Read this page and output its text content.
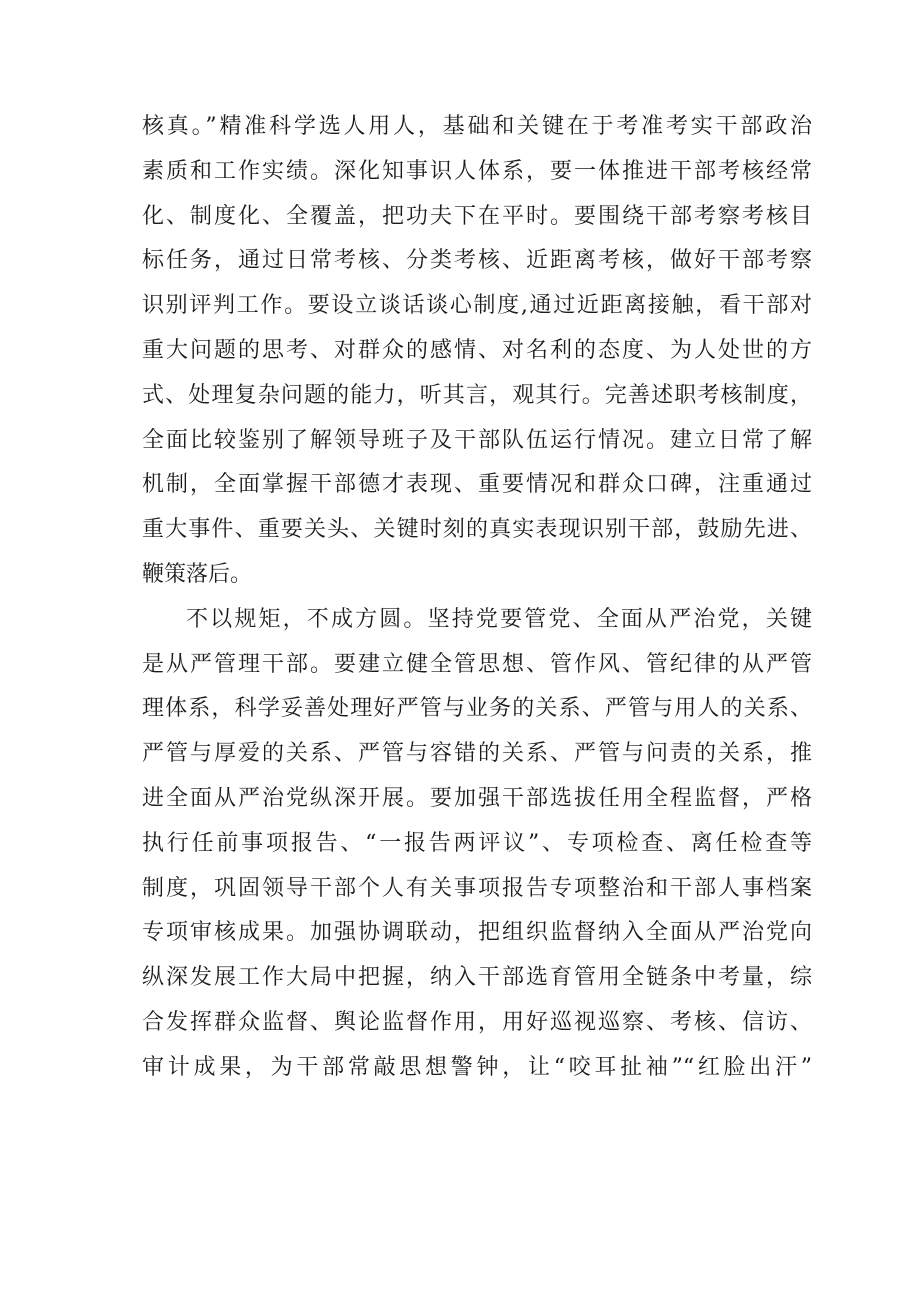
核真。”精准科学选人用人，基础和关键在于考准考实干部政治
素质和工作实绩。深化知事识人体系，要一体推进干部考核经常
化、制度化、全覆盖，把功夫下在平时。要围绕干部考察考核目
标任务，通过日常考核、分类考核、近距离考核，做好干部考察
识别评判工作。要设立谈话谈心制度,通过近距离接触，看干部对
重大问题的思考、对群众的感情、对名利的态度、为人处世的方
式、处理复杂问题的能力，听其言，观其行。完善述职考核制度，
全面比较鉴别了解领导班子及干部队伍运行情况。建立日常了解
机制，全面掌握干部德才表现、重要情况和群众口碑，注重通过
重大事件、重要关头、关键时刻的真实表现识别干部，鼓励先进、
鞭策落后。
不以规矩，不成方圆。坚持党要管党、全面从严治党，关键
是从严管理干部。要建立健全管思想、管作风、管纪律的从严管
理体系，科学妥善处理好严管与业务的关系、严管与用人的关系、
严管与厚爱的关系、严管与容错的关系、严管与问责的关系，推
进全面从严治党纵深开展。要加强干部选拔任用全程监督，严格
执行任前事项报告、“一报告两评议”、专项检查、离任检查等
制度，巩固领导干部个人有关事项报告专项整治和干部人事档案
专项审核成果。加强协调联动，把组织监督纳入全面从严治党向
纵深发展工作大局中把握，纳入干部选育管用全链条中考量，综
合发挥群众监督、舆论监督作用，用好巡视巡察、考核、信访、
审计成果，为干部常敲思想警钟，让“咬耳扯袖”“红脸出汗”
